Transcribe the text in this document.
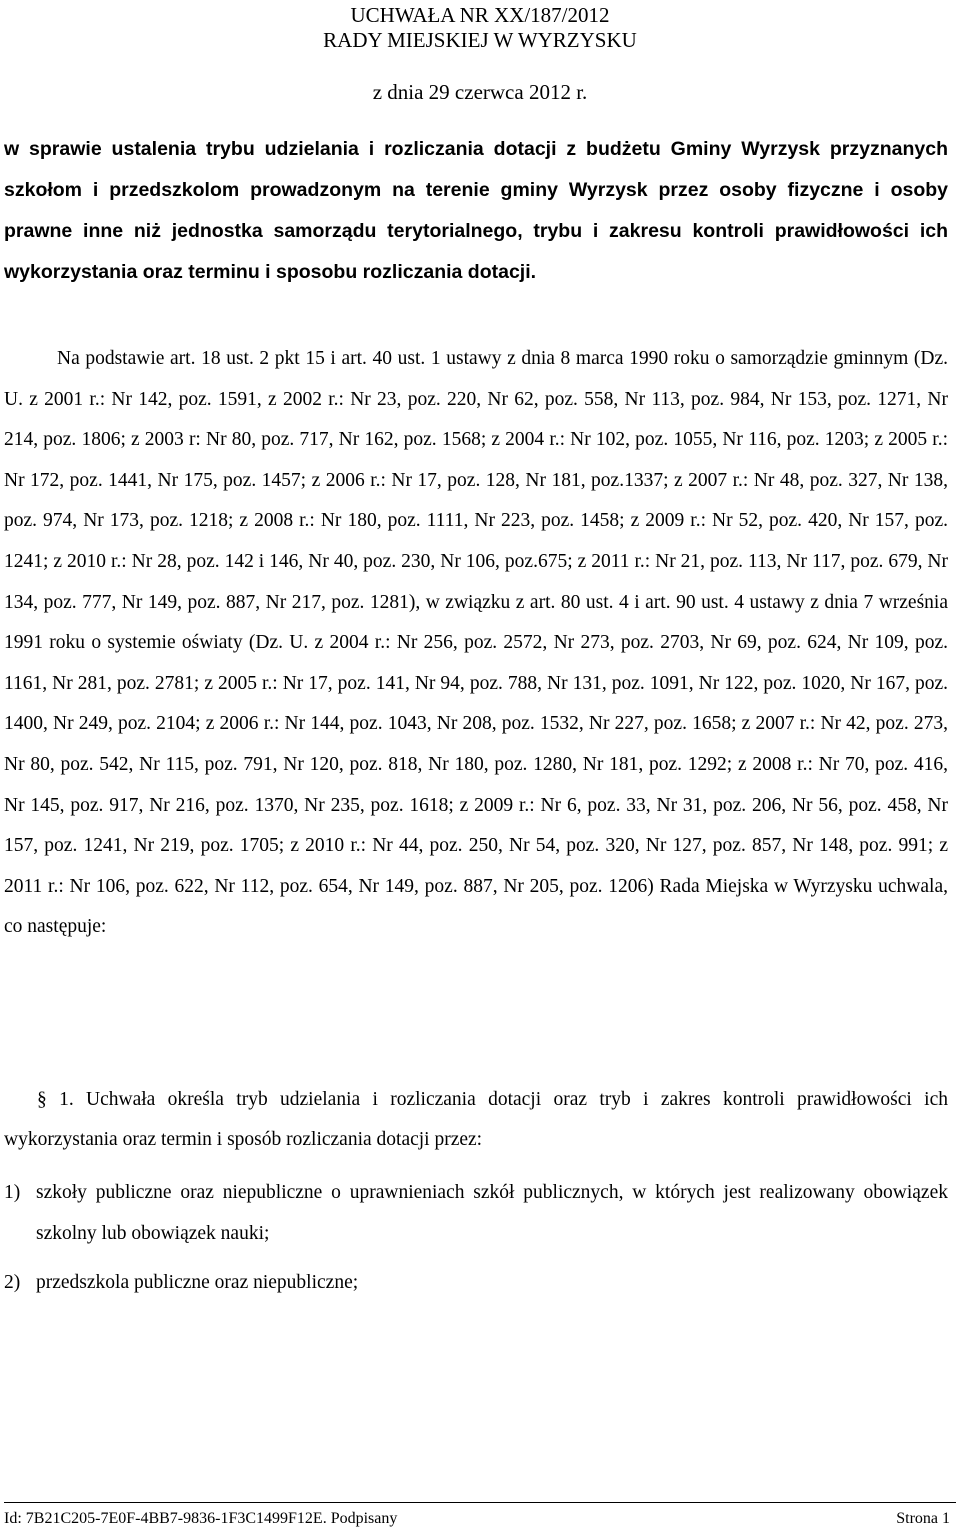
UCHWAŁA NR XX/187/2012
RADY MIEJSKIEJ W WYRZYSKU
z dnia 29 czerwca 2012 r.
w sprawie ustalenia trybu udzielania i rozliczania dotacji z budżetu Gminy Wyrzysk przyznanych szkołom i przedszkolom prowadzonym na terenie gminy Wyrzysk przez osoby fizyczne i osoby prawne inne niż jednostka samorządu terytorialnego, trybu i zakresu kontroli prawidłowości ich wykorzystania oraz terminu i sposobu rozliczania dotacji.
Na podstawie art. 18 ust. 2 pkt 15 i art. 40 ust. 1 ustawy z dnia 8 marca 1990 roku o samorządzie gminnym (Dz. U. z 2001 r.: Nr 142, poz. 1591, z 2002 r.: Nr 23, poz. 220, Nr 62, poz. 558, Nr 113, poz. 984, Nr 153, poz. 1271, Nr 214, poz. 1806; z 2003 r: Nr 80, poz. 717, Nr 162, poz. 1568; z 2004 r.: Nr 102, poz. 1055, Nr 116, poz. 1203; z 2005 r.: Nr 172, poz. 1441, Nr 175, poz. 1457; z 2006 r.: Nr 17, poz. 128, Nr 181, poz.1337; z 2007 r.: Nr 48, poz. 327, Nr 138, poz. 974, Nr 173, poz. 1218; z 2008 r.: Nr 180, poz. 1111, Nr 223, poz. 1458; z 2009 r.: Nr 52, poz. 420, Nr 157, poz. 1241; z 2010 r.: Nr 28, poz. 142 i 146, Nr 40, poz. 230, Nr 106, poz.675; z 2011 r.: Nr 21, poz. 113, Nr 117, poz. 679, Nr 134, poz. 777, Nr 149, poz. 887, Nr 217, poz. 1281), w związku z art. 80 ust. 4 i art. 90 ust. 4 ustawy z dnia 7 września 1991 roku o systemie oświaty (Dz. U. z 2004 r.: Nr 256, poz. 2572, Nr 273, poz. 2703, Nr 69, poz. 624, Nr 109, poz. 1161, Nr 281, poz. 2781; z 2005 r.: Nr 17, poz. 141, Nr 94, poz. 788, Nr 131, poz. 1091, Nr 122, poz. 1020, Nr 167, poz. 1400, Nr 249, poz. 2104; z 2006 r.: Nr 144, poz. 1043, Nr 208, poz. 1532, Nr 227, poz. 1658; z 2007 r.: Nr 42, poz. 273, Nr 80, poz. 542, Nr 115, poz. 791, Nr 120, poz. 818, Nr 180, poz. 1280, Nr 181, poz. 1292; z 2008 r.: Nr 70, poz. 416, Nr 145, poz. 917, Nr 216, poz. 1370, Nr 235, poz. 1618; z 2009 r.: Nr 6, poz. 33, Nr 31, poz. 206, Nr 56, poz. 458, Nr 157, poz. 1241, Nr 219, poz. 1705; z 2010 r.: Nr 44, poz. 250, Nr 54, poz. 320, Nr 127, poz. 857, Nr 148, poz. 991; z 2011 r.: Nr 106, poz. 622, Nr 112, poz. 654, Nr 149, poz. 887, Nr 205, poz. 1206) Rada Miejska w Wyrzysku uchwala, co następuje:
§ 1. Uchwała określa tryb udzielania i rozliczania dotacji oraz tryb i zakres kontroli prawidłowości ich wykorzystania oraz termin i sposób rozliczania dotacji przez:
1) szkoły publiczne oraz niepubliczne o uprawnieniach szkół publicznych, w których jest realizowany obowiązek szkolny lub obowiązek nauki;
2) przedszkola publiczne oraz niepubliczne;
Id: 7B21C205-7E0F-4BB7-9836-1F3C1499F12E. Podpisany	Strona 1
